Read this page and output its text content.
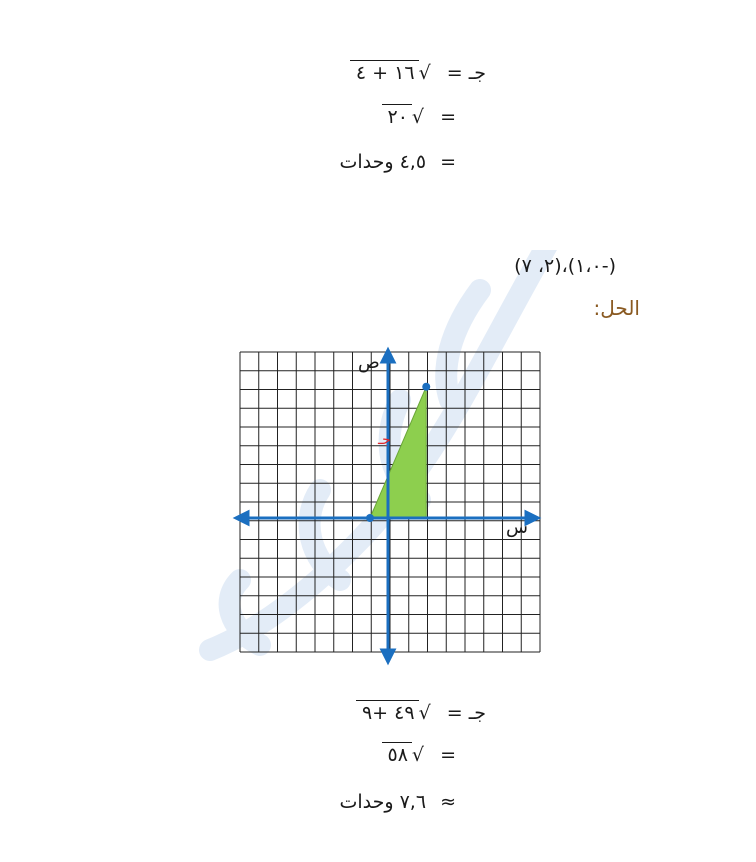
جـ = √١٦ + ٤
= √٢٠
= ٤,٥ وحدات
(-١،٠)،(٢، ٧)
الحل:
ص
س
جـ
جـ = √٤٩ +٩
= √٥٨
≈ ٧,٦ وحدات
